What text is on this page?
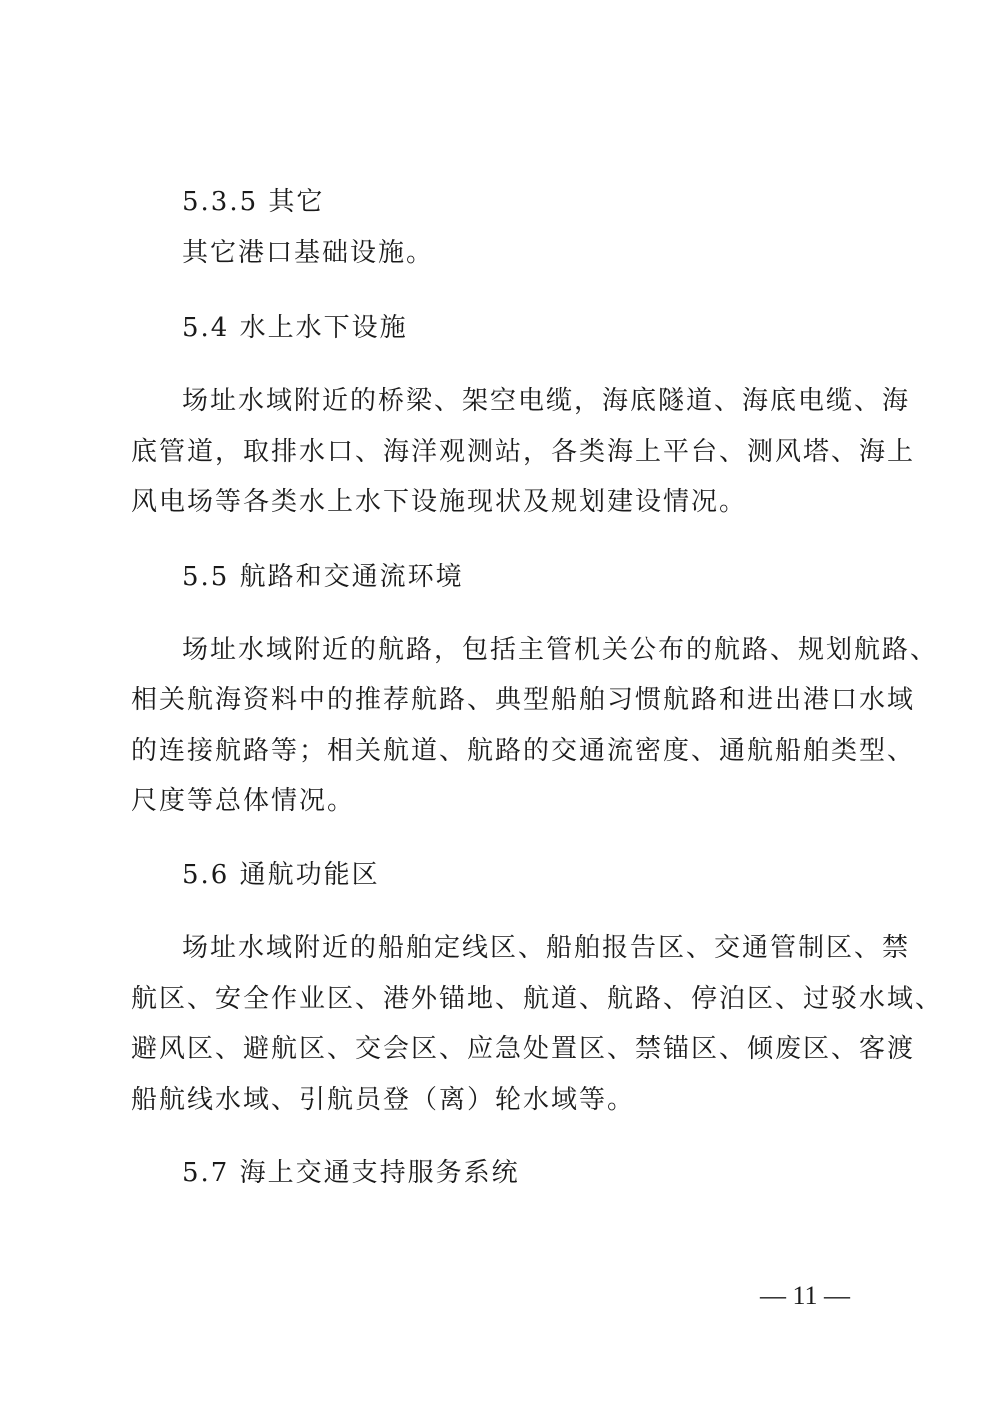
5.3.5 其它
其它港口基础设施。
5.4 水上水下设施
场址水域附近的桥梁、架空电缆，海底隧道、海底电缆、海
底管道，取排水口、海洋观测站，各类海上平台、测风塔、海上
风电场等各类水上水下设施现状及规划建设情况。
5.5 航路和交通流环境
场址水域附近的航路，包括主管机关公布的航路、规划航路、
相关航海资料中的推荐航路、典型船舶习惯航路和进出港口水域
的连接航路等；相关航道、航路的交通流密度、通航船舶类型、
尺度等总体情况。
5.6 通航功能区
场址水域附近的船舶定线区、船舶报告区、交通管制区、禁
航区、安全作业区、港外锚地、航道、航路、停泊区、过驳水域、
避风区、避航区、交会区、应急处置区、禁锚区、倾废区、客渡
船航线水域、引航员登（离）轮水域等。
5.7 海上交通支持服务系统
— 11 —
